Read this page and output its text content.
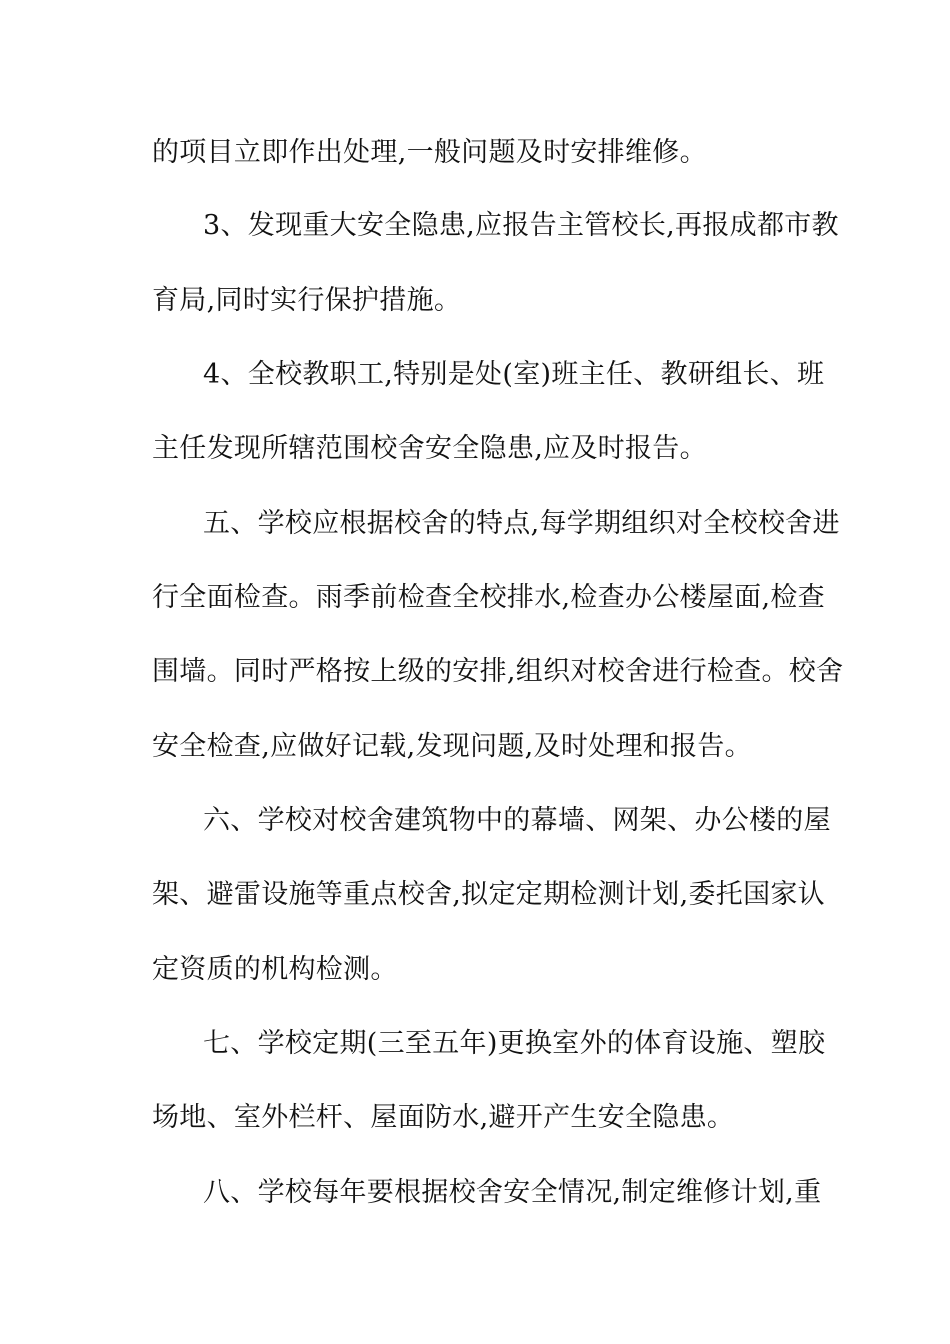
的项目立即作出处理,一般问题及时安排维修。
3、发现重大安全隐患,应报告主管校长,再报成都市教
育局,同时实行保护措施。
4、全校教职工,特别是处(室)班主任、教研组长、班
主任发现所辖范围校舍安全隐患,应及时报告。
五、学校应根据校舍的特点,每学期组织对全校校舍进
行全面检查。雨季前检查全校排水,检查办公楼屋面,检查
围墙。同时严格按上级的安排,组织对校舍进行检查。校舍
安全检查,应做好记载,发现问题,及时处理和报告。
六、学校对校舍建筑物中的幕墙、网架、办公楼的屋
架、避雷设施等重点校舍,拟定定期检测计划,委托国家认
定资质的机构检测。
七、学校定期(三至五年)更换室外的体育设施、塑胶
场地、室外栏杆、屋面防水,避开产生安全隐患。
八、学校每年要根据校舍安全情况,制定维修计划,重
